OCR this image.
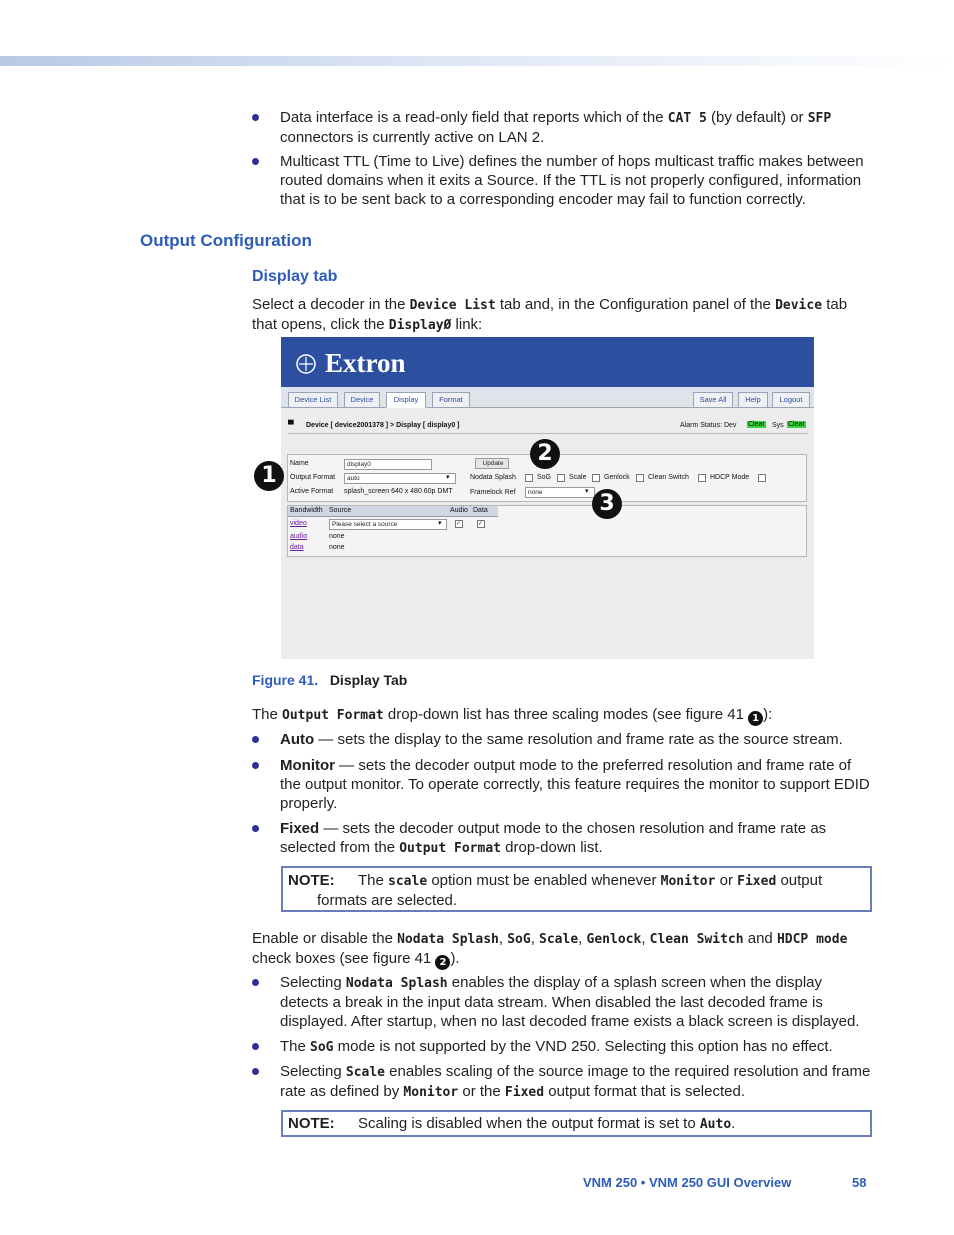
Data interface is a read-only field that reports which of the CAT 5 (by default) or SFP connectors is currently active on LAN 2.
Multicast TTL (Time to Live) defines the number of hops multicast traffic makes between routed domains when it exits a Source. If the TTL is not properly configured, information that is to be sent back to a corresponding encoder may fail to function correctly.
Output Configuration
Display tab
Select a decoder in the Device List tab and, in the Configuration panel of the Device tab that opens, click the DisplayØ link:
Extron
Device List	Device	Display	Format	Save All	Help	Logout
▀ Device [ device2001378 ] > Display [ display0 ]	Alarm Status: Dev Clear Sys Clear
Name	display0	Update
Output Format	auto	▾
Active Format splash_screen 640 x 480 60p DMT
Nodata Splash	SoG	Scale Genlock	Clean Switch	HDCP Mode
Framelock Ref	none	▾
Bandwidth Source	Audio Data
video	Please select a source	▾ ✓	✓
audio	none
data	none
1
2
3
Figure 41. Display Tab
The Output Format drop-down list has three scaling modes (see figure 41 1 ):
Auto — sets the display to the same resolution and frame rate as the source stream.
Monitor — sets the decoder output mode to the preferred resolution and frame rate of the output monitor. To operate correctly, this feature requires the monitor to support EDID properly.
Fixed — sets the decoder output mode to the chosen resolution and frame rate as selected from the Output Format drop-down list.
NOTE:	The scale option must be enabled whenever Monitor or Fixed output formats are selected.
Enable or disable the Nodata Splash, SoG, Scale, Genlock, Clean Switch and HDCP mode check boxes (see figure 41 2 ).
Selecting Nodata Splash enables the display of a splash screen when the display detects a break in the input data stream. When disabled the last decoded frame is displayed. After startup, when no last decoded frame exists a black screen is displayed.
The SoG mode is not supported by the VND 250. Selecting this option has no effect.
Selecting Scale enables scaling of the source image to the required resolution and frame rate as defined by Monitor or the Fixed output format that is selected.
NOTE: Scaling is disabled when the output format is set to Auto.
VNM 250 • VNM 250 GUI Overview	58
